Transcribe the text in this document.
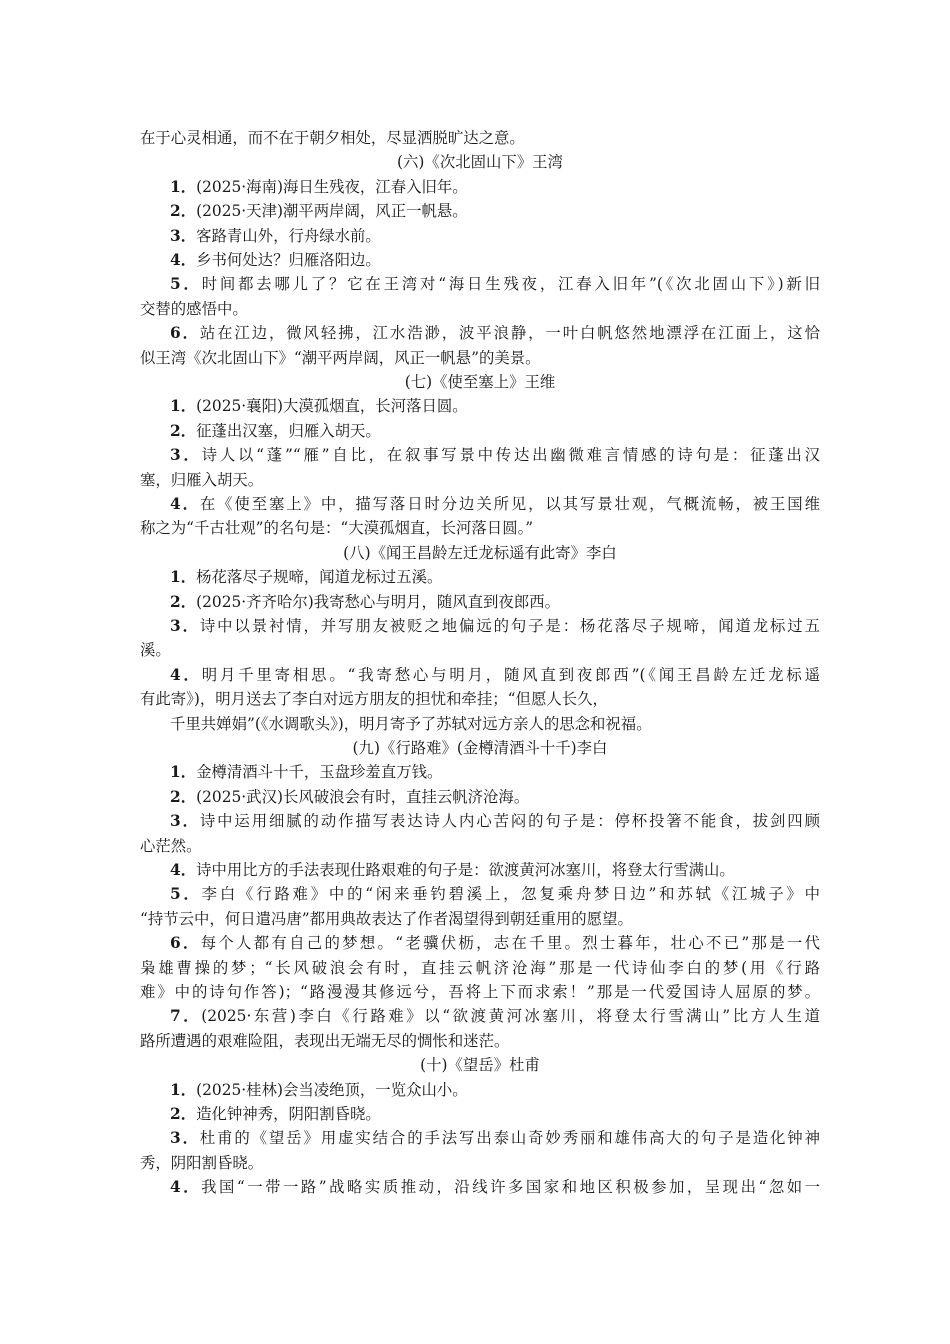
在于心灵相通，而不在于朝夕相处，尽显洒脱旷达之意。
(六)《次北固山下》王湾
1．(2025·海南)海日生残夜，江春入旧年。
2．(2025·天津)潮平两岸阔，风正一帆悬。
3．客路青山外，行舟绿水前。
4．乡书何处达？归雁洛阳边。
5．时间都去哪儿了？它在王湾对“海日生残夜，江春入旧年”(《次北固山下》)新旧
交替的感悟中。
6．站在江边，微风轻拂，江水浩渺，波平浪静，一叶白帆悠然地漂浮在江面上，这恰
似王湾《次北固山下》“潮平两岸阔，风正一帆悬”的美景。
(七)《使至塞上》王维
1．(2025·襄阳)大漠孤烟直，长河落日圆。
2．征蓬出汉塞，归雁入胡天。
3．诗人以“蓬”“雁”自比，在叙事写景中传达出幽微难言情感的诗句是：征蓬出汉
塞，归雁入胡天。
4．在《使至塞上》中，描写落日时分边关所见，以其写景壮观，气概流畅，被王国维
称之为“千古壮观”的名句是：“大漠孤烟直，长河落日圆。”
(八)《闻王昌龄左迁龙标遥有此寄》李白
1．杨花落尽子规啼，闻道龙标过五溪。
2．(2025·齐齐哈尔)我寄愁心与明月，随风直到夜郎西。
3．诗中以景衬情，并写朋友被贬之地偏远的句子是：杨花落尽子规啼，闻道龙标过五
溪。
4．明月千里寄相思。“我寄愁心与明月，随风直到夜郎西”(《闻王昌龄左迁龙标遥
有此寄》)，明月送去了李白对远方朋友的担忧和牵挂；“但愿人长久，
千里共婵娟”(《水调歌头》)，明月寄予了苏轼对远方亲人的思念和祝福。
(九)《行路难》(金樽清酒斗十千)李白
1．金樽清酒斗十千，玉盘珍羞直万钱。
2．(2025·武汉)长风破浪会有时，直挂云帆济沧海。
3．诗中运用细腻的动作描写表达诗人内心苦闷的句子是：停杯投箸不能食，拔剑四顾
心茫然。
4．诗中用比方的手法表现仕路艰难的句子是：欲渡黄河冰塞川，将登太行雪满山。
5．李白《行路难》中的“闲来垂钓碧溪上，忽复乘舟梦日边”和苏轼《江城子》中
“持节云中，何日遣冯唐”都用典故表达了作者渴望得到朝廷重用的愿望。
6．每个人都有自己的梦想。“老骥伏枥，志在千里。烈士暮年，壮心不已”那是一代
枭雄曹操的梦；“长风破浪会有时，直挂云帆济沧海”那是一代诗仙李白的梦(用《行路
难》中的诗句作答)；“路漫漫其修远兮，吾将上下而求索！”那是一代爱国诗人屈原的梦。
7．(2025·东营)李白《行路难》以“欲渡黄河冰塞川，将登太行雪满山”比方人生道
路所遭遇的艰难险阻，表现出无端无尽的惆怅和迷茫。
(十)《望岳》杜甫
1．(2025·桂林)会当凌绝顶，一览众山小。
2．造化钟神秀，阴阳割昏晓。
3．杜甫的《望岳》用虚实结合的手法写出泰山奇妙秀丽和雄伟高大的句子是造化钟神
秀，阴阳割昏晓。
4．我国“一带一路”战略实质推动，沿线许多国家和地区积极参加，呈现出“忽如一
